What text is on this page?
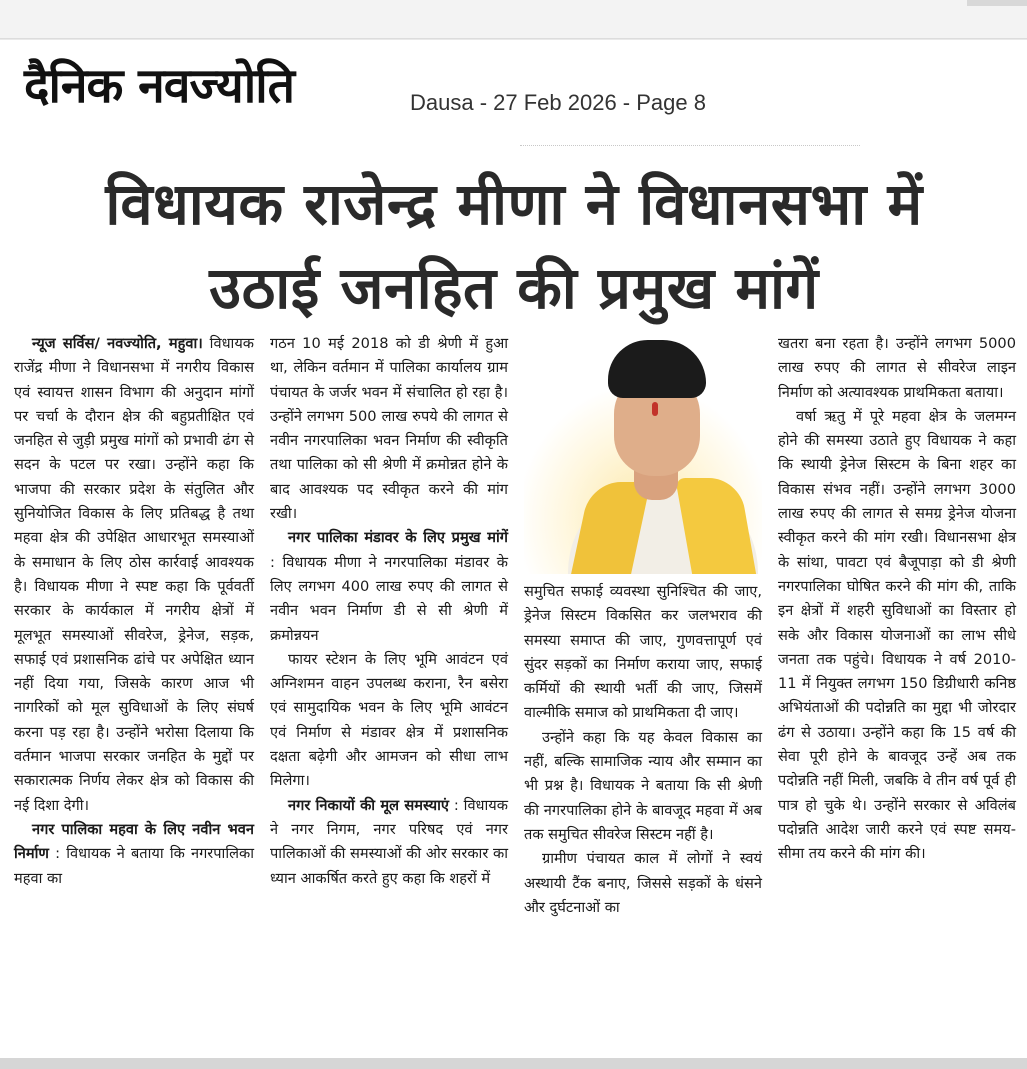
दैनिक नवज्योति	Dausa - 27 Feb 2026 - Page 8
विधायक राजेन्द्र मीणा ने विधानसभा में
उठाई जनहित की प्रमुख मांगें

न्यूज सर्विस/ नवज्योति, महुवा। विधायक राजेंद्र मीणा ने विधानसभा में नगरीय विकास एवं स्वायत्त शासन विभाग की अनुदान मांगों पर चर्चा के दौरान क्षेत्र की बहुप्रतीक्षित एवं जनहित से जुड़ी प्रमुख मांगों को प्रभावी ढंग से सदन के पटल पर रखा। उन्होंने कहा कि भाजपा की सरकार प्रदेश के संतुलित और सुनियोजित विकास के लिए प्रतिबद्ध है तथा महवा क्षेत्र की उपेक्षित आधारभूत समस्याओं के समाधान के लिए ठोस कार्रवाई आवश्यक है। विधायक मीणा ने स्पष्ट कहा कि पूर्ववर्ती सरकार के कार्यकाल में नगरीय क्षेत्रों में मूलभूत समस्याओं सीवरेज, ड्रेनेज, सड़क, सफाई एवं प्रशासनिक ढांचे पर अपेक्षित ध्यान नहीं दिया गया, जिसके कारण आज भी नागरिकों को मूल सुविधाओं के लिए संघर्ष करना पड़ रहा है। उन्होंने भरोसा दिलाया कि वर्तमान भाजपा सरकार जनहित के मुद्दों पर सकारात्मक निर्णय लेकर क्षेत्र को विकास की नई दिशा देगी।

नगर पालिका महवा के लिए नवीन भवन निर्माण : विधायक ने बताया कि नगरपालिका महवा का

गठन 10 मई 2018 को डी श्रेणी में हुआ था, लेकिन वर्तमान में पालिका कार्यालय ग्राम पंचायत के जर्जर भवन में संचालित हो रहा है। उन्होंने लगभग 500 लाख रुपये की लागत से नवीन नगरपालिका भवन निर्माण की स्वीकृति तथा पालिका को सी श्रेणी में क्रमोन्नत होने के बाद आवश्यक पद स्वीकृत करने की मांग रखी।

नगर पालिका मंडावर के लिए प्रमुख मांगें : विधायक मीणा ने नगरपालिका मंडावर के लिए लगभग 400 लाख रुपए की लागत से नवीन भवन निर्माण डी से सी श्रेणी में क्रमोन्नयन

फायर स्टेशन के लिए भूमि आवंटन एवं अग्निशमन वाहन उपलब्ध कराना, रैन बसेरा एवं सामुदायिक भवन के लिए भूमि आवंटन एवं निर्माण से मंडावर क्षेत्र में प्रशासनिक दक्षता बढ़ेगी और आमजन को सीधा लाभ मिलेगा।

नगर निकायों की मूल समस्याएं : विधायक ने नगर निगम, नगर परिषद एवं नगर पालिकाओं की समस्याओं की ओर सरकार का ध्यान आकर्षित करते हुए कहा कि शहरों में

समुचित सफाई व्यवस्था सुनिश्चित की जाए, ड्रेनेज सिस्टम विकसित कर जलभराव की समस्या समाप्त की जाए, गुणवत्तापूर्ण एवं सुंदर सड़कों का निर्माण कराया जाए, सफाई कर्मियों की स्थायी भर्ती की जाए, जिसमें वाल्मीकि समाज को प्राथमिकता दी जाए।

उन्होंने कहा कि यह केवल विकास का नहीं, बल्कि सामाजिक न्याय और सम्मान का भी प्रश्न है। विधायक ने बताया कि सी श्रेणी की नगरपालिका होने के बावजूद महवा में अब तक समुचित सीवरेज सिस्टम नहीं है।

ग्रामीण पंचायत काल में लोगों ने स्वयं अस्थायी टैंक बनाए, जिससे सड़कों के धंसने और दुर्घटनाओं का

खतरा बना रहता है। उन्होंने लगभग 5000 लाख रुपए की लागत से सीवरेज लाइन निर्माण को अत्यावश्यक प्राथमिकता बताया।

वर्षा ऋतु में पूरे महवा क्षेत्र के जलमग्न होने की समस्या उठाते हुए विधायक ने कहा कि स्थायी ड्रेनेज सिस्टम के बिना शहर का विकास संभव नहीं। उन्होंने लगभग 3000 लाख रुपए की लागत से समग्र ड्रेनेज योजना स्वीकृत करने की मांग रखी। विधानसभा क्षेत्र के सांथा, पावटा एवं बैजूपाड़ा को डी श्रेणी नगरपालिका घोषित करने की मांग की, ताकि इन क्षेत्रों में शहरी सुविधाओं का विस्तार हो सके और विकास योजनाओं का लाभ सीधे जनता तक पहुंचे। विधायक ने वर्ष 2010-11 में नियुक्त लगभग 150 डिग्रीधारी कनिष्ठ अभियंताओं की पदोन्नति का मुद्दा भी जोरदार ढंग से उठाया। उन्होंने कहा कि 15 वर्ष की सेवा पूरी होने के बावजूद उन्हें अब तक पदोन्नति नहीं मिली, जबकि वे तीन वर्ष पूर्व ही पात्र हो चुके थे। उन्होंने सरकार से अविलंब पदोन्नति आदेश जारी करने एवं स्पष्ट समय-सीमा तय करने की मांग की।
